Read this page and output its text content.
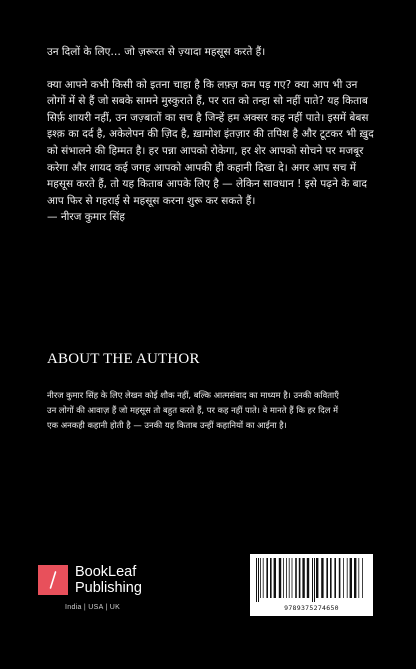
उन दिलों के लिए… जो ज़रूरत से ज़्यादा महसूस करते हैं।

क्या आपने कभी किसी को इतना चाहा है कि लफ़्ज़ कम पड़ गए? क्या आप भी उन लोगों में से हैं जो सबके सामने मुस्कुराते हैं, पर रात को तन्हा सो नहीं पाते? यह किताब सिर्फ़ शायरी नहीं, उन जज़्बातों का सच है जिन्हें हम अक्सर कह नहीं पाते। इसमें बेबस इश्क़ का दर्द है, अकेलेपन की ज़िद है, ख़ामोश इंतज़ार की तपिश है और टूटकर भी ख़ुद को संभालने की हिम्मत है। हर पन्ना आपको रोकेगा, हर शेर आपको सोचने पर मजबूर करेगा और शायद कई जगह आपको आपकी ही कहानी दिखा दे। अगर आप सच में महसूस करते हैं, तो यह किताब आपके लिए है — लेकिन सावधान ! इसे पढ़ने के बाद आप फिर से गहराई से महसूस करना शुरू कर सकते हैं।

— नीरज कुमार सिंह

ABOUT THE AUTHOR
नीरज कुमार सिंह के लिए लेखन कोई शौक नहीं, बल्कि आत्मसंवाद का माध्यम है। उनकी कविताएँ उन लोगों की आवाज़ हैं जो महसूस तो बहुत करते हैं, पर कह नहीं पाते। वे मानते हैं कि हर दिल में एक अनकही कहानी होती है — उनकी यह किताब उन्हीं कहानियों का आईना है।
BookLeaf
Publishing
India | USA | UK	9789375274650
